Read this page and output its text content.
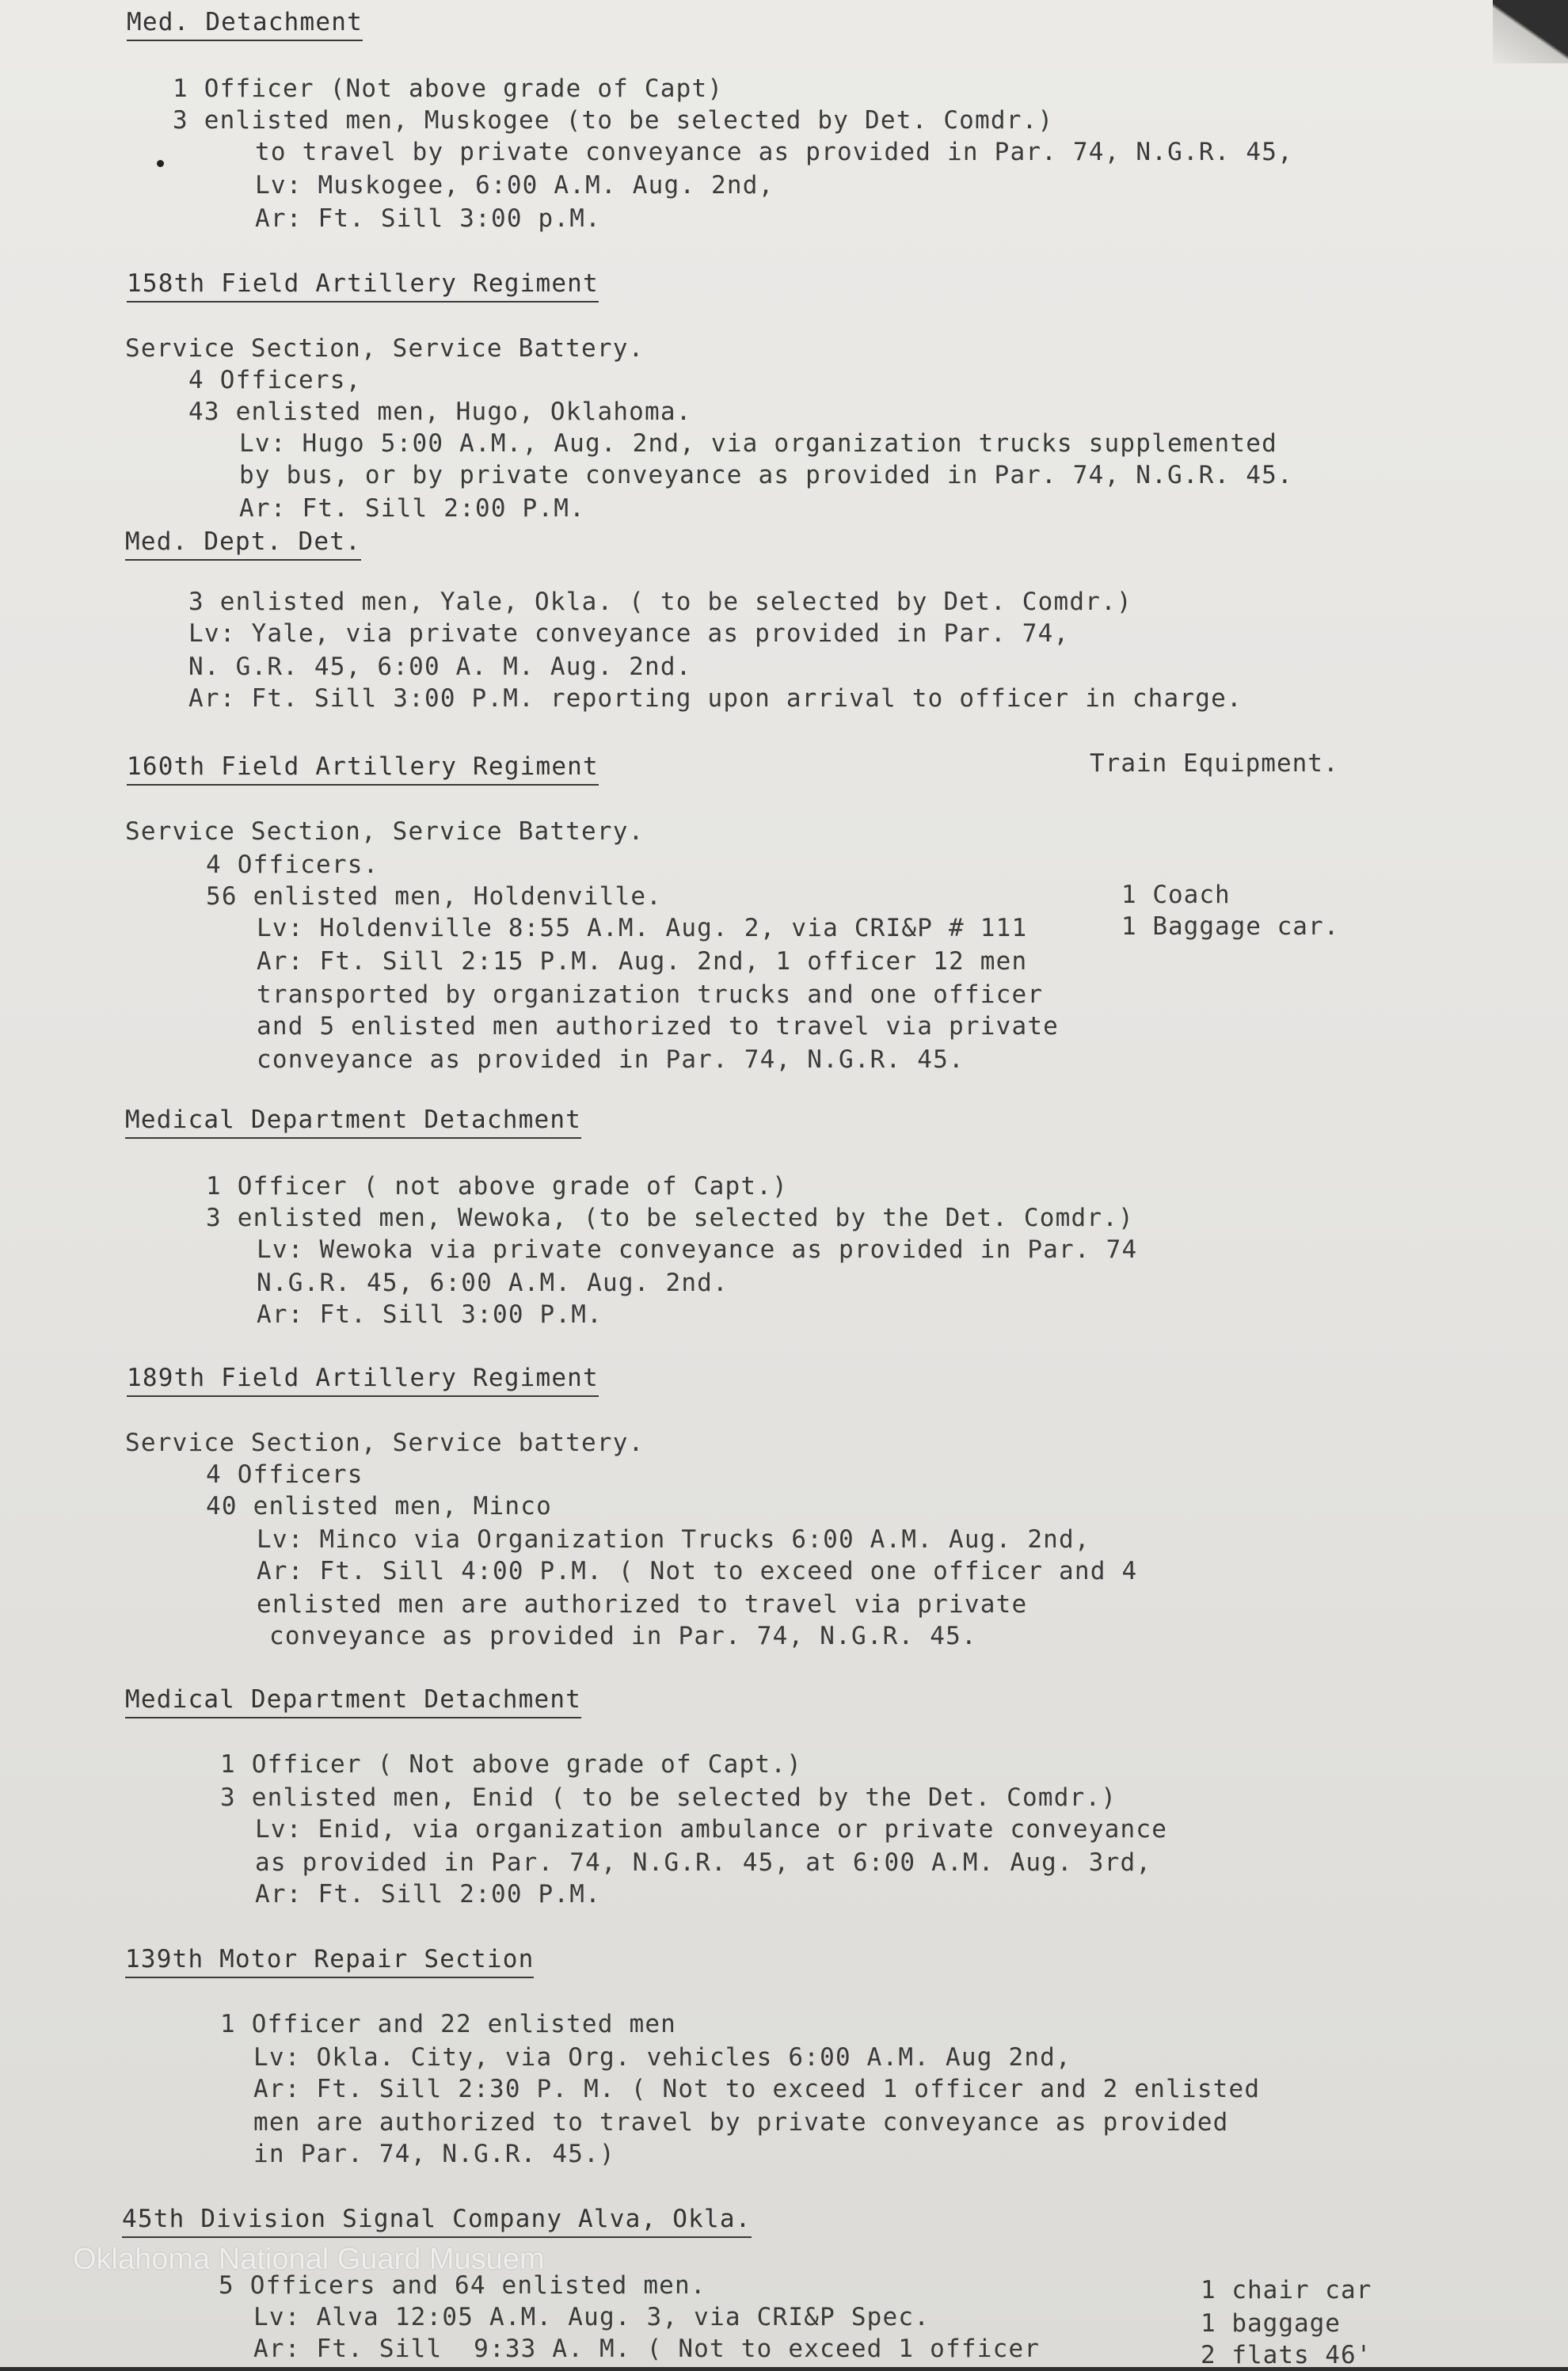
Med. Detachment
1 Officer (Not above grade of Capt)
3 enlisted men, Muskogee (to be selected by Det. Comdr.)
to travel by private conveyance as provided in Par. 74, N.G.R. 45,
Lv: Muskogee, 6:00 A.M. Aug. 2nd,
Ar: Ft. Sill 3:00 p.M.
158th Field Artillery Regiment
Service Section, Service Battery.
4 Officers,
43 enlisted men, Hugo, Oklahoma.
Lv: Hugo 5:00 A.M., Aug. 2nd, via organization trucks supplemented
by bus, or by private conveyance as provided in Par. 74, N.G.R. 45.
Ar: Ft. Sill 2:00 P.M.
Med. Dept. Det.
3 enlisted men, Yale, Okla. ( to be selected by Det. Comdr.)
Lv: Yale, via private conveyance as provided in Par. 74,
N. G.R. 45, 6:00 A. M. Aug. 2nd.
Ar: Ft. Sill 3:00 P.M. reporting upon arrival to officer in charge.
160th Field Artillery Regiment	Train Equipment.
Service Section, Service Battery.
4 Officers.
56 enlisted men, Holdenville.
Lv: Holdenville 8:55 A.M. Aug. 2, via CRI&P # 111
Ar: Ft. Sill 2:15 P.M. Aug. 2nd, 1 officer 12 men
transported by organization trucks and one officer
and 5 enlisted men authorized to travel via private
conveyance as provided in Par. 74, N.G.R. 45.
1 Coach
1 Baggage car.
Medical Department Detachment
1 Officer ( not above grade of Capt.)
3 enlisted men, Wewoka, (to be selected by the Det. Comdr.)
Lv: Wewoka via private conveyance as provided in Par. 74
N.G.R. 45, 6:00 A.M. Aug. 2nd.
Ar: Ft. Sill 3:00 P.M.
189th Field Artillery Regiment
Service Section, Service battery.
4 Officers
40 enlisted men, Minco
Lv: Minco via Organization Trucks 6:00 A.M. Aug. 2nd,
Ar: Ft. Sill 4:00 P.M. ( Not to exceed one officer and 4
enlisted men are authorized to travel via private
conveyance as provided in Par. 74, N.G.R. 45.
Medical Department Detachment
1 Officer ( Not above grade of Capt.)
3 enlisted men, Enid ( to be selected by the Det. Comdr.)
Lv: Enid, via organization ambulance or private conveyance
as provided in Par. 74, N.G.R. 45, at 6:00 A.M. Aug. 3rd,
Ar: Ft. Sill 2:00 P.M.
139th Motor Repair Section
1 Officer and 22 enlisted men
Lv: Okla. City, via Org. vehicles 6:00 A.M. Aug 2nd,
Ar: Ft. Sill 2:30 P. M. ( Not to exceed 1 officer and 2 enlisted
men are authorized to travel by private conveyance as provided
in Par. 74, N.G.R. 45.)
45th Division Signal Company Alva, Okla.
5 Officers and 64 enlisted men.
Lv: Alva 12:05 A.M. Aug. 3, via CRI&P Spec.
Ar: Ft. Sill  9:33 A. M. ( Not to exceed 1 officer
1 chair car
1 baggage
2 flats 46'
Oklahoma National Guard Musuem
